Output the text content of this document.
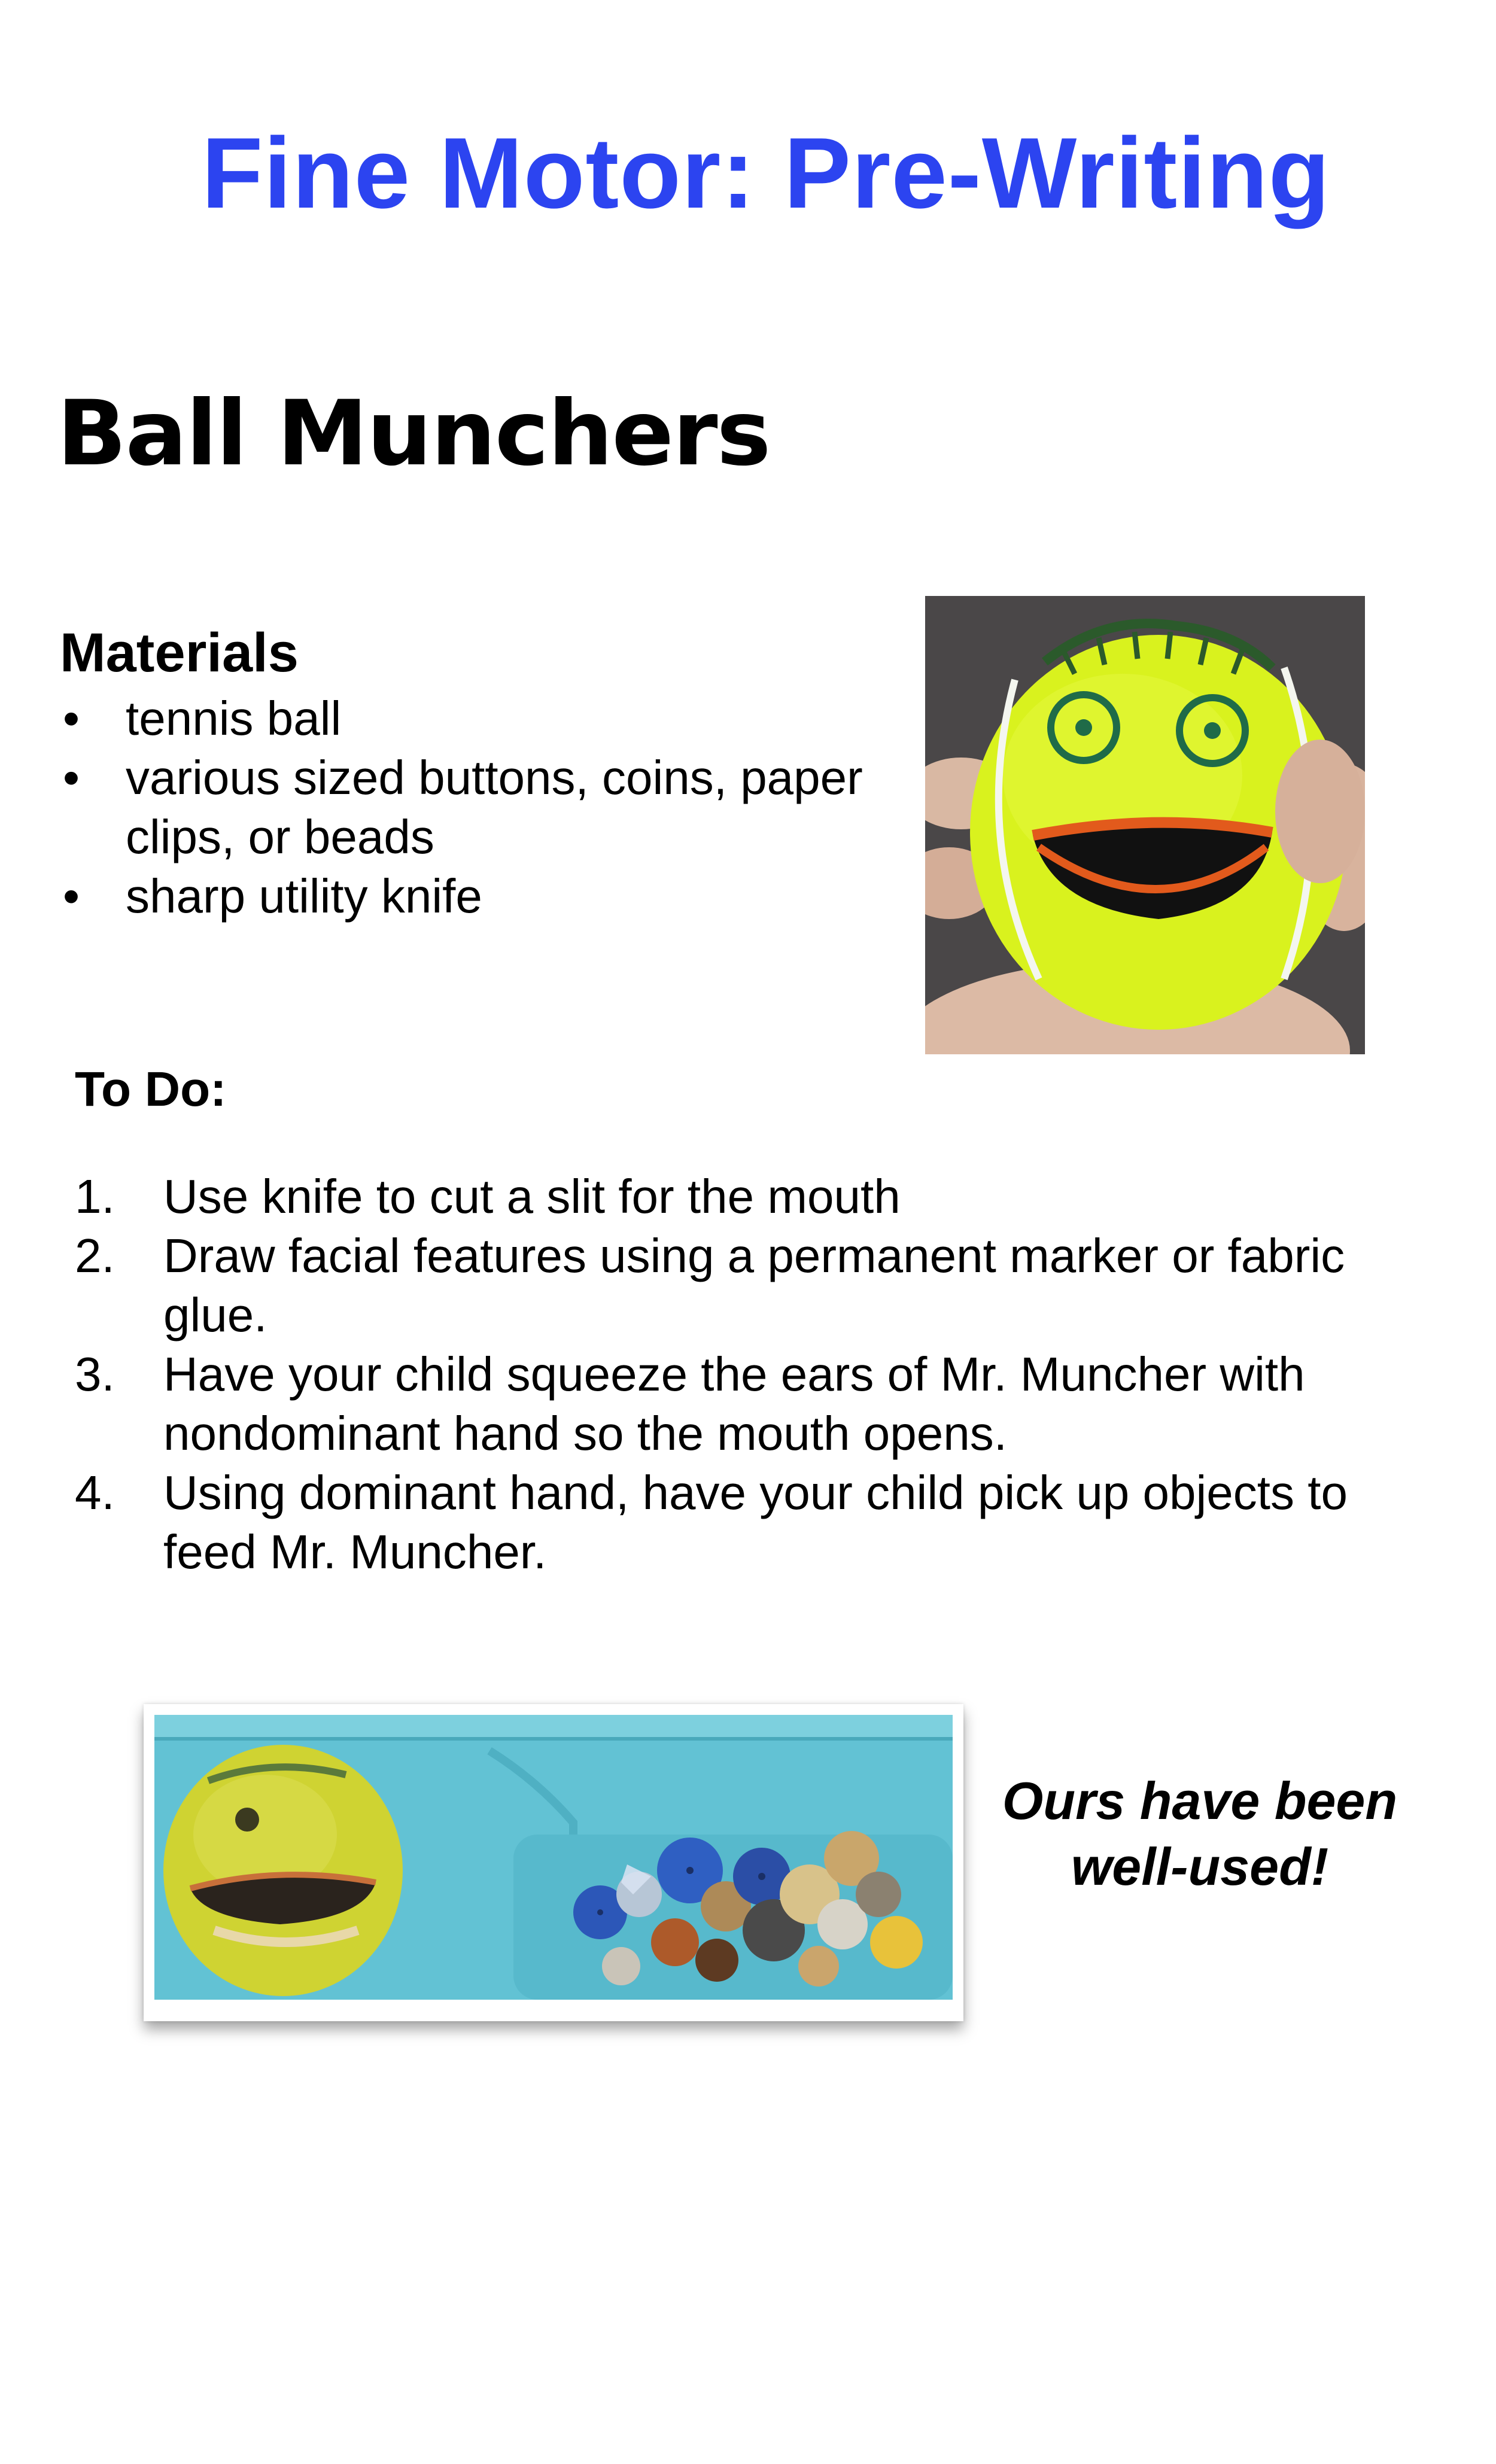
Fine Motor: Pre-Writing
Ball Munchers
Materials
• tennis ball
• various sized buttons, coins, paper clips, or beads
• sharp utility knife
To Do:
1. Use knife to cut a slit for the mouth
2. Draw facial features using a permanent marker or fabric glue.
3. Have your child squeeze the ears of Mr. Muncher with nondominant hand so the mouth opens.
4. Using dominant hand, have your child pick up objects to feed Mr. Muncher.
Ours have been
well-used!
